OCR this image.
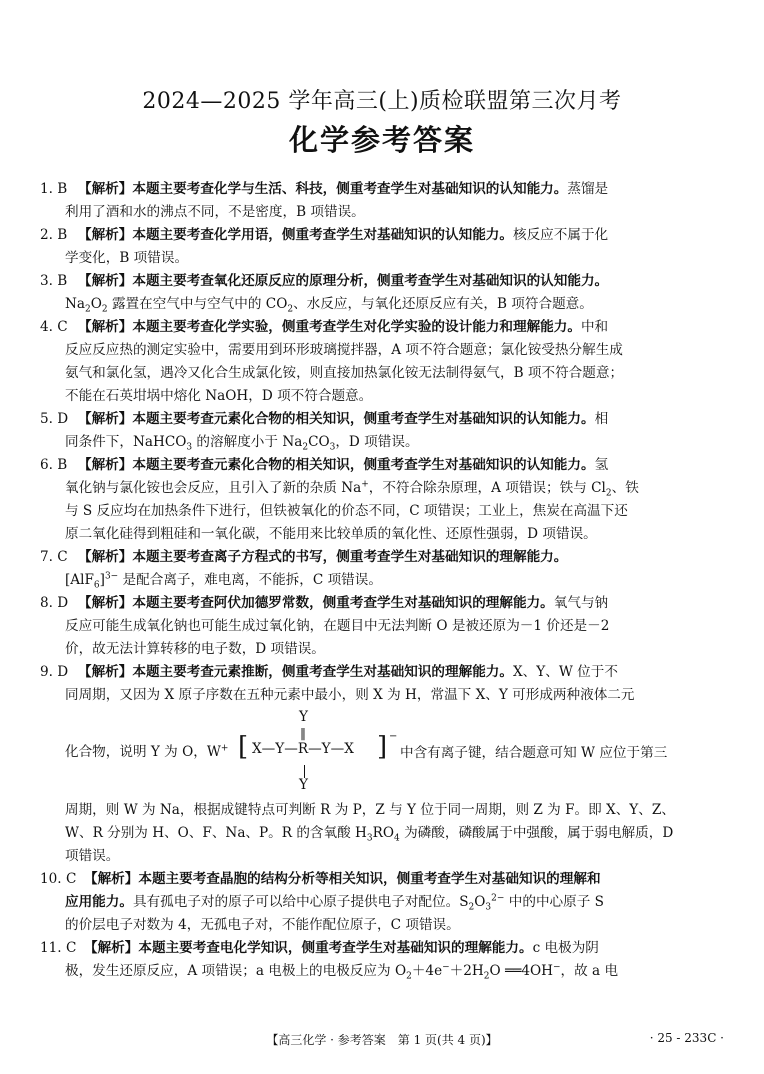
2024—2025 学年高三(上)质检联盟第三次月考
化学参考答案
1. B 【解析】本题主要考查化学与生活、科技，侧重考查学生对基础知识的认知能力。蒸馏是
利用了酒和水的沸点不同，不是密度，B 项错误。
2. B 【解析】本题主要考查化学用语，侧重考查学生对基础知识的认知能力。核反应不属于化
学变化，B 项错误。
3. B 【解析】本题主要考查氧化还原反应的原理分析，侧重考查学生对基础知识的认知能力。
$Na_2O_2$ 露置在空气中与空气中的 $CO_2$、水反应，与氧化还原反应有关，B 项符合题意。
4. C 【解析】本题主要考查化学实验，侧重考查学生对化学实验的设计能力和理解能力。中和
反应反应热的测定实验中，需要用到环形玻璃搅拌器，A 项不符合题意；氯化铵受热分解生成
氨气和氯化氢，遇冷又化合生成氯化铵，则直接加热氯化铵无法制得氨气，B 项不符合题意；
不能在石英坩埚中熔化 NaOH，D 项不符合题意。
5. D 【解析】本题主要考查元素化合物的相关知识，侧重考查学生对基础知识的认知能力。相
同条件下，NaHCO$_3$ 的溶解度小于 $Na_2CO_3$，D 项错误。
6. B 【解析】本题主要考查元素化合物的相关知识，侧重考查学生对基础知识的认知能力。氢
氧化钠与氯化铵也会反应，且引入了新的杂质 Na+，不符合除杂原理，A 项错误；铁与 $Cl_2$、铁
与 S 反应均在加热条件下进行，但铁被氧化的价态不同，C 项错误；工业上，焦炭在高温下还
原二氧化硅得到粗硅和一氧化碳，不能用来比较单质的氧化性、还原性强弱，D 项错误。
7. C 【解析】本题主要考查离子方程式的书写，侧重考查学生对基础知识的理解能力。
$[AlF_6]^{3-}$ 是配合离子，难电离，不能拆，C 项错误。
8. D 【解析】本题主要考查阿伏加德罗常数，侧重考查学生对基础知识的理解能力。氧气与钠
反应可能生成氧化钠也可能生成过氧化钠，在题目中无法判断 O 是被还原为－1 价还是－2
价，故无法计算转移的电子数，D 项错误。
9. D 【解析】本题主要考查元素推断，侧重考查学生对基础知识的理解能力。X、Y、W 位于不
同周期，又因为 X 原子序数在五种元素中最小，则 X 为 H，常温下 X、Y 可形成两种液体二元
化合物，说明 Y 为 O，W+
Y
‖
[ X—Y—R—Y—X ] −
Y
中含有离子键，结合题意可知 W 应位于第三
周期，则 W 为 Na，根据成键特点可判断 R 为 P，Z 与 Y 位于同一周期，则 Z 为 F。即 X、Y、Z、
W、R 分别为 H、O、F、Na、P。R 的含氧酸 $H_3RO_4$ 为磷酸，磷酸属于中强酸，属于弱电解质，D
项错误。
10. C 【解析】本题主要考查晶胞的结构分析等相关知识，侧重考查学生对基础知识的理解和
应用能力。具有孤电子对的原子可以给中心原子提供电子对配位。$S_2O_3^{2-}$ 中的中心原子 S
的价层电子对数为 4，无孤电子对，不能作配位原子，C 项错误。
11. C 【解析】本题主要考查电化学知识，侧重考查学生对基础知识的理解能力。c 电极为阴
极，发生还原反应，A 项错误；a 电极上的电极反应为 $O_2+4e^-+2H_2O$ ══4OH−，故 a 电
【高三化学 · 参考答案　第 1 页(共 4 页)】	· 25 - 233C ·
